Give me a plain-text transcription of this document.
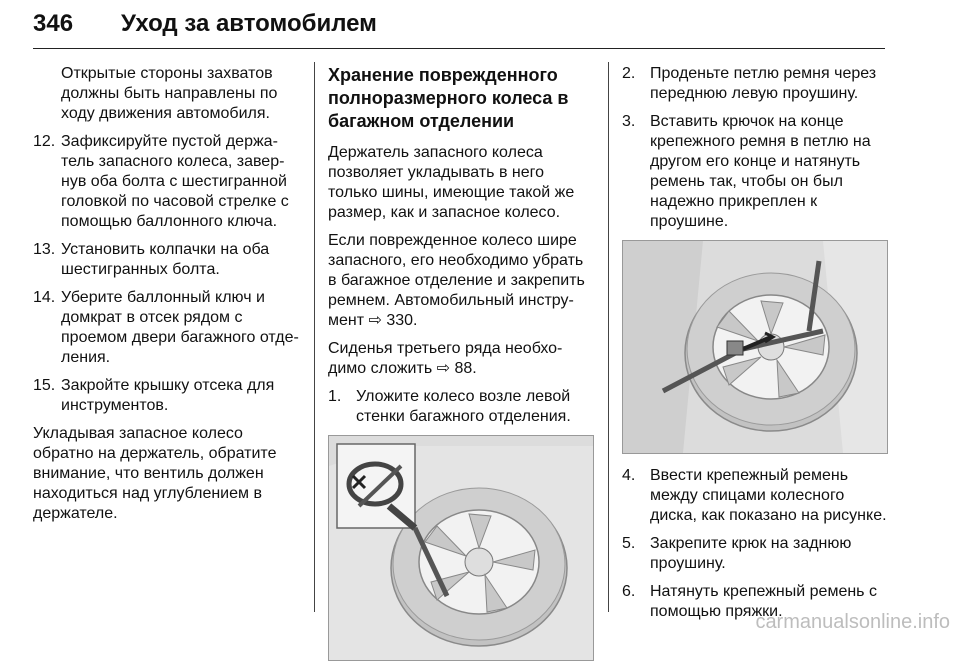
346 Уход за автомобилем
Открытые стороны захватов должны быть направлены по ходу движения автомобиля.
12. Зафиксируйте пустой держа-тель запасного колеса, завер-нув оба болта с шестигранной головкой по часовой стрелке с помощью баллонного ключа.
13. Установить колпачки на оба шестигранных болта.
14. Уберите баллонный ключ и домкрат в отсек рядом с проемом двери багажного отде-ления.
15. Закройте крышку отсека для инструментов.

Укладывая запасное колесо обратно на держатель, обратите внимание, что вентиль должен находиться над углублением в держателе.

Хранение поврежденного полноразмерного колеса в багажном отделении

Держатель запасного колеса позволяет укладывать в него только шины, имеющие такой же размер, как и запасное колесо.

Если поврежденное колесо шире запасного, его необходимо убрать в багажное отделение и закрепить ремнем. Автомобильный инстру-мент ⇨ 330.

Сиденья третьего ряда необхо-димо сложить ⇨ 88.

1. Уложите колесо возле левой стенки багажного отделения.
2. Проденьте петлю ремня через переднюю левую проушину.
3. Вставить крючок на конце крепежного ремня в петлю на другом его конце и натянуть ремень так, чтобы он был надежно прикреплен к проушине.
4. Ввести крепежный ремень между спицами колесного диска, как показано на рисунке.
5. Закрепите крюк на заднюю проушину.
6. Натянуть крепежный ремень с помощью пряжки.
carmanualsonline.info
